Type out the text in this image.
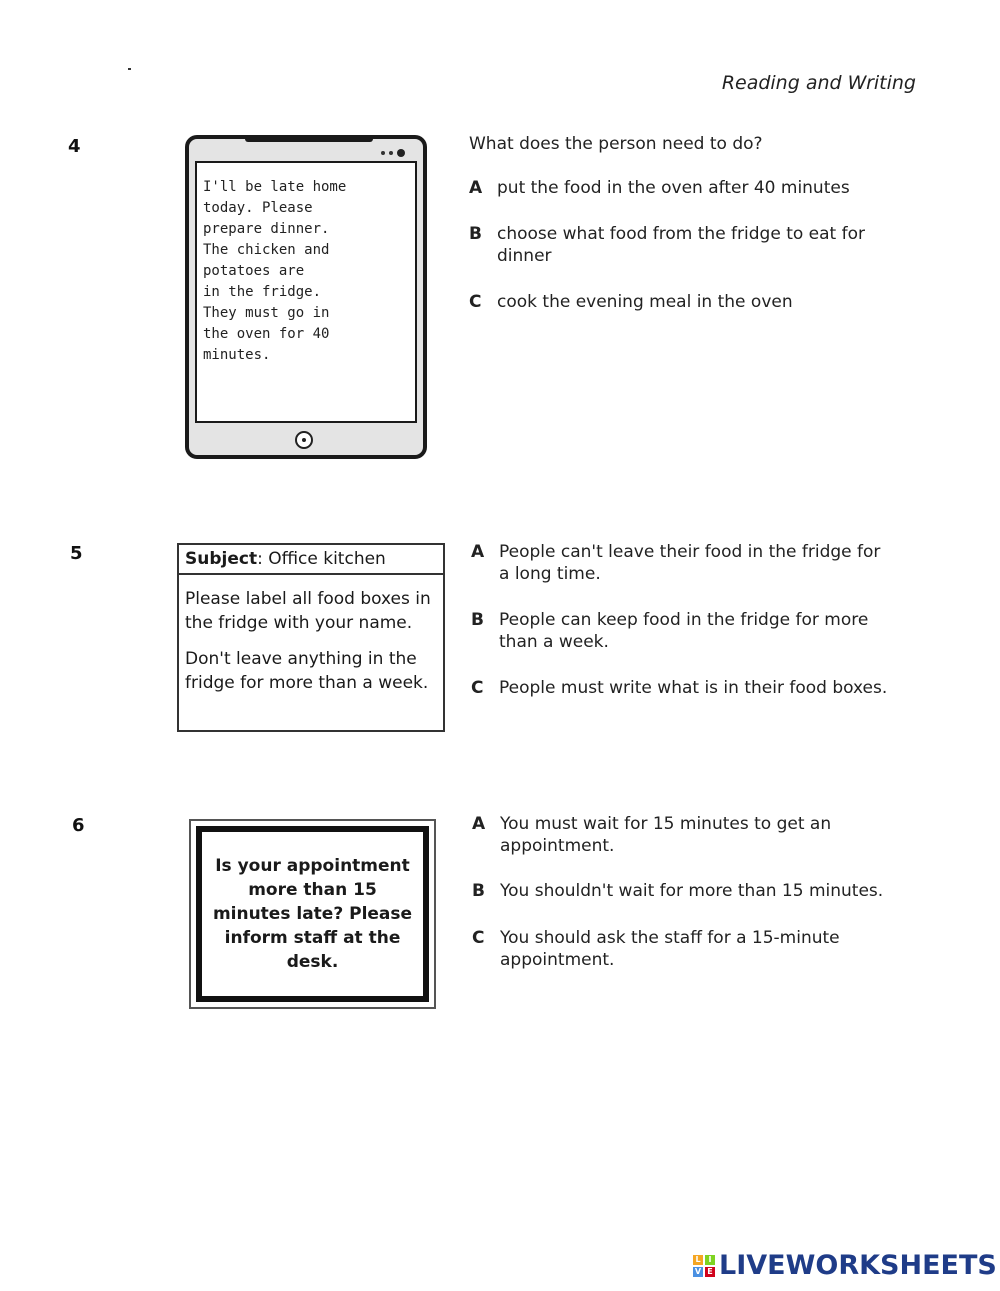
Reading and Writing
4
I'll be late home
today. Please
prepare dinner.
The chicken and
potatoes are
in the fridge.
They must go in
the oven for 40
minutes.
What does the person need to do?
A put the food in the oven after 40 minutes
B choose what food from the fridge to eat for dinner
C cook the evening meal in the oven
5	Subject: Office kitchen

Please label all food boxes in the fridge with your name.

Don't leave anything in the fridge for more than a week.

A People can't leave their food in the fridge for a long time.
B People can keep food in the fridge for more than a week.
C People must write what is in their food boxes.
6
Is your appointment more than 15 minutes late? Please inform staff at the desk.
A You must wait for 15 minutes to get an appointment.
B You shouldn't wait for more than 15 minutes.
C You should ask the staff for a 15-minute appointment.
L I
V E LIVEWORKSHEETS
